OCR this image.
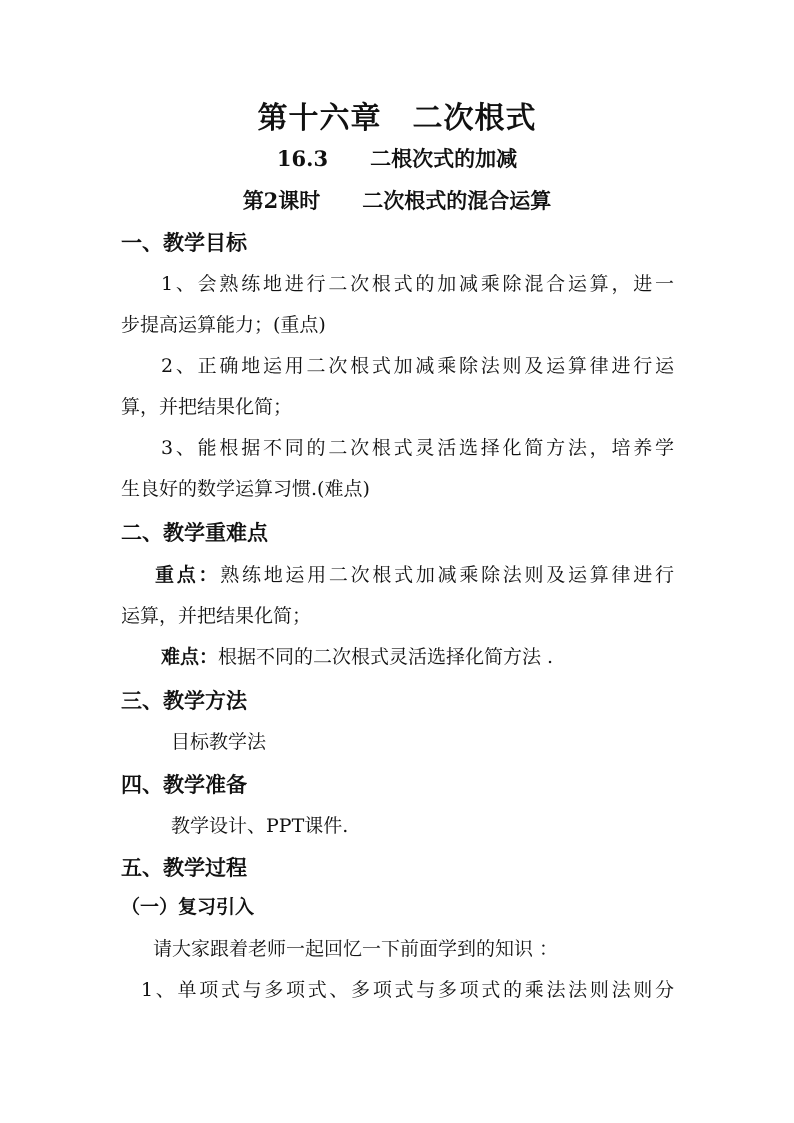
第十六章　二次根式
16.3　　二根次式的加减
第2课时　　二次根式的混合运算
一、教学目标
1、会熟练地进行二次根式的加减乘除混合运算，进一
步提高运算能力；(重点)
2、正确地运用二次根式加减乘除法则及运算律进行运
算，并把结果化简；
3、能根据不同的二次根式灵活选择化简方法，培养学
生良好的数学运算习惯.(难点)
二、教学重难点
重点：熟练地运用二次根式加减乘除法则及运算律进行
运算，并把结果化简；
难点：根据不同的二次根式灵活选择化简方法 .
三、教学方法
目标教学法
四、教学准备
教学设计、PPT课件.
五、教学过程
（一）复习引入
请大家跟着老师一起回忆一下前面学到的知识 ：
1、单项式与多项式、多项式与多项式的乘法法则法则分
